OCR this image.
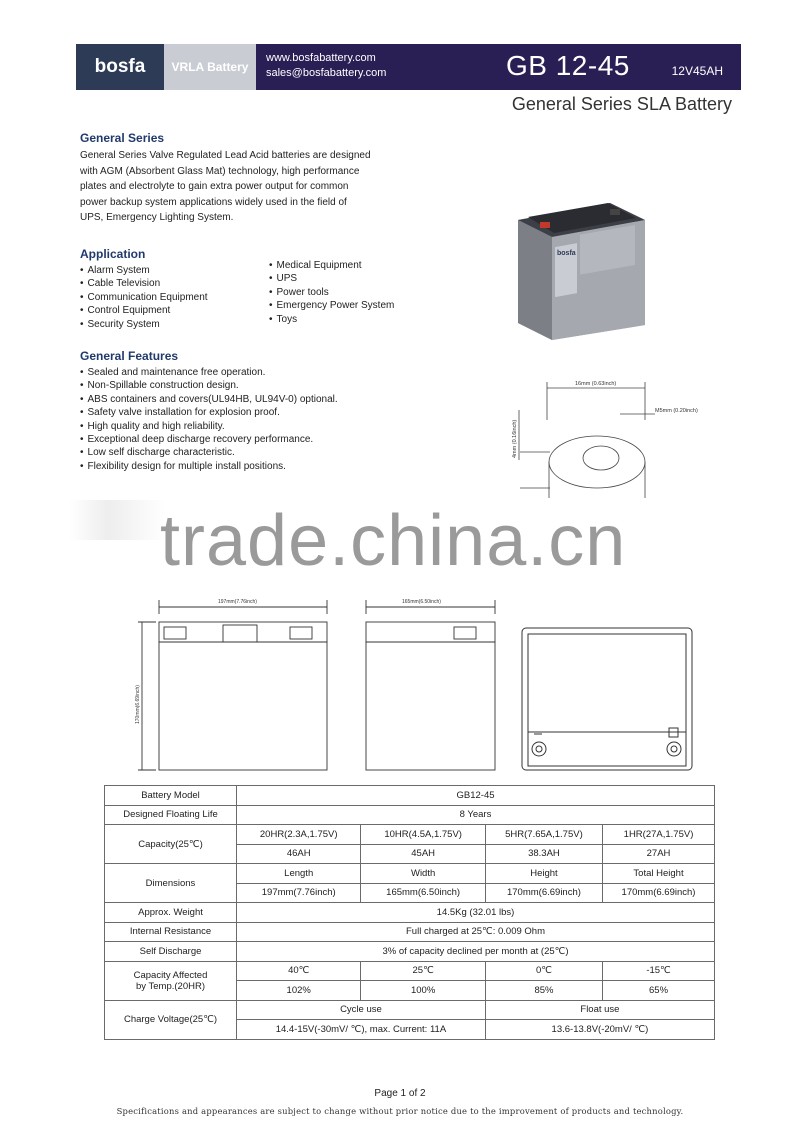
bosfa	VRLA Battery
www.bosfabattery.com
sales@bosfabattery.com	GB 12-45	12V45AH
General Series SLA Battery
General Series
General Series Valve Regulated Lead Acid batteries are designed
with AGM (Absorbent Glass Mat) technology, high performance
plates and electrolyte to gain extra power output for common
power backup system applications widely used in the field of
UPS, Emergency Lighting System.
Application
• Alarm System
• Cable Television
• Communication Equipment
• Control Equipment
• Security System
• Medical Equipment
• UPS
• Power tools
• Emergency Power System
• Toys
General Features
• Sealed and maintenance free operation.
• Non-Spillable construction design.
• ABS containers and covers(UL94HB, UL94V-0) optional.
• Safety valve installation for explosion proof.
• High quality and high reliability.
• Exceptional deep discharge recovery performance.
• Low self discharge characteristic.
• Flexibility design for multiple install positions.
bosfa
16mm (0.63inch)
M5mm (0.20inch)
4mm (0.16inch)
trade.china.cn
197mm(7.76inch)
170mm(6.69inch)
165mm(6.50inch)
Battery Model	GB12-45			
Designed Floating Life	8 Years			
Capacity(25℃)	20HR(2.3A,1.75V)	10HR(4.5A,1.75V)	5HR(7.65A,1.75V)	1HR(27A,1.75V)
	46AH	45AH	38.3AH	27AH
Dimensions	Length	Width	Height	Total Height
	197mm(7.76inch)	165mm(6.50inch)	170mm(6.69inch)	170mm(6.69inch)
Approx. Weight	14.5Kg (32.01 lbs)			
Internal Resistance	Full charged at 25℃: 0.009 Ohm			
Self Discharge	3% of capacity declined per month at (25℃)			

Capacity Affected
by Temp.(20HR)	40℃	25℃	0℃	-15℃
	102%	100%	85%	65%
Charge Voltage(25℃)	Cycle use		Float use	
	14.4-15V(-30mV/ ℃), max. Current: 11A		13.6-13.8V(-20mV/ ℃)	
Page 1 of 2
Specifications and appearances are subject to change without prior notice due to the improvement of products and technology.
